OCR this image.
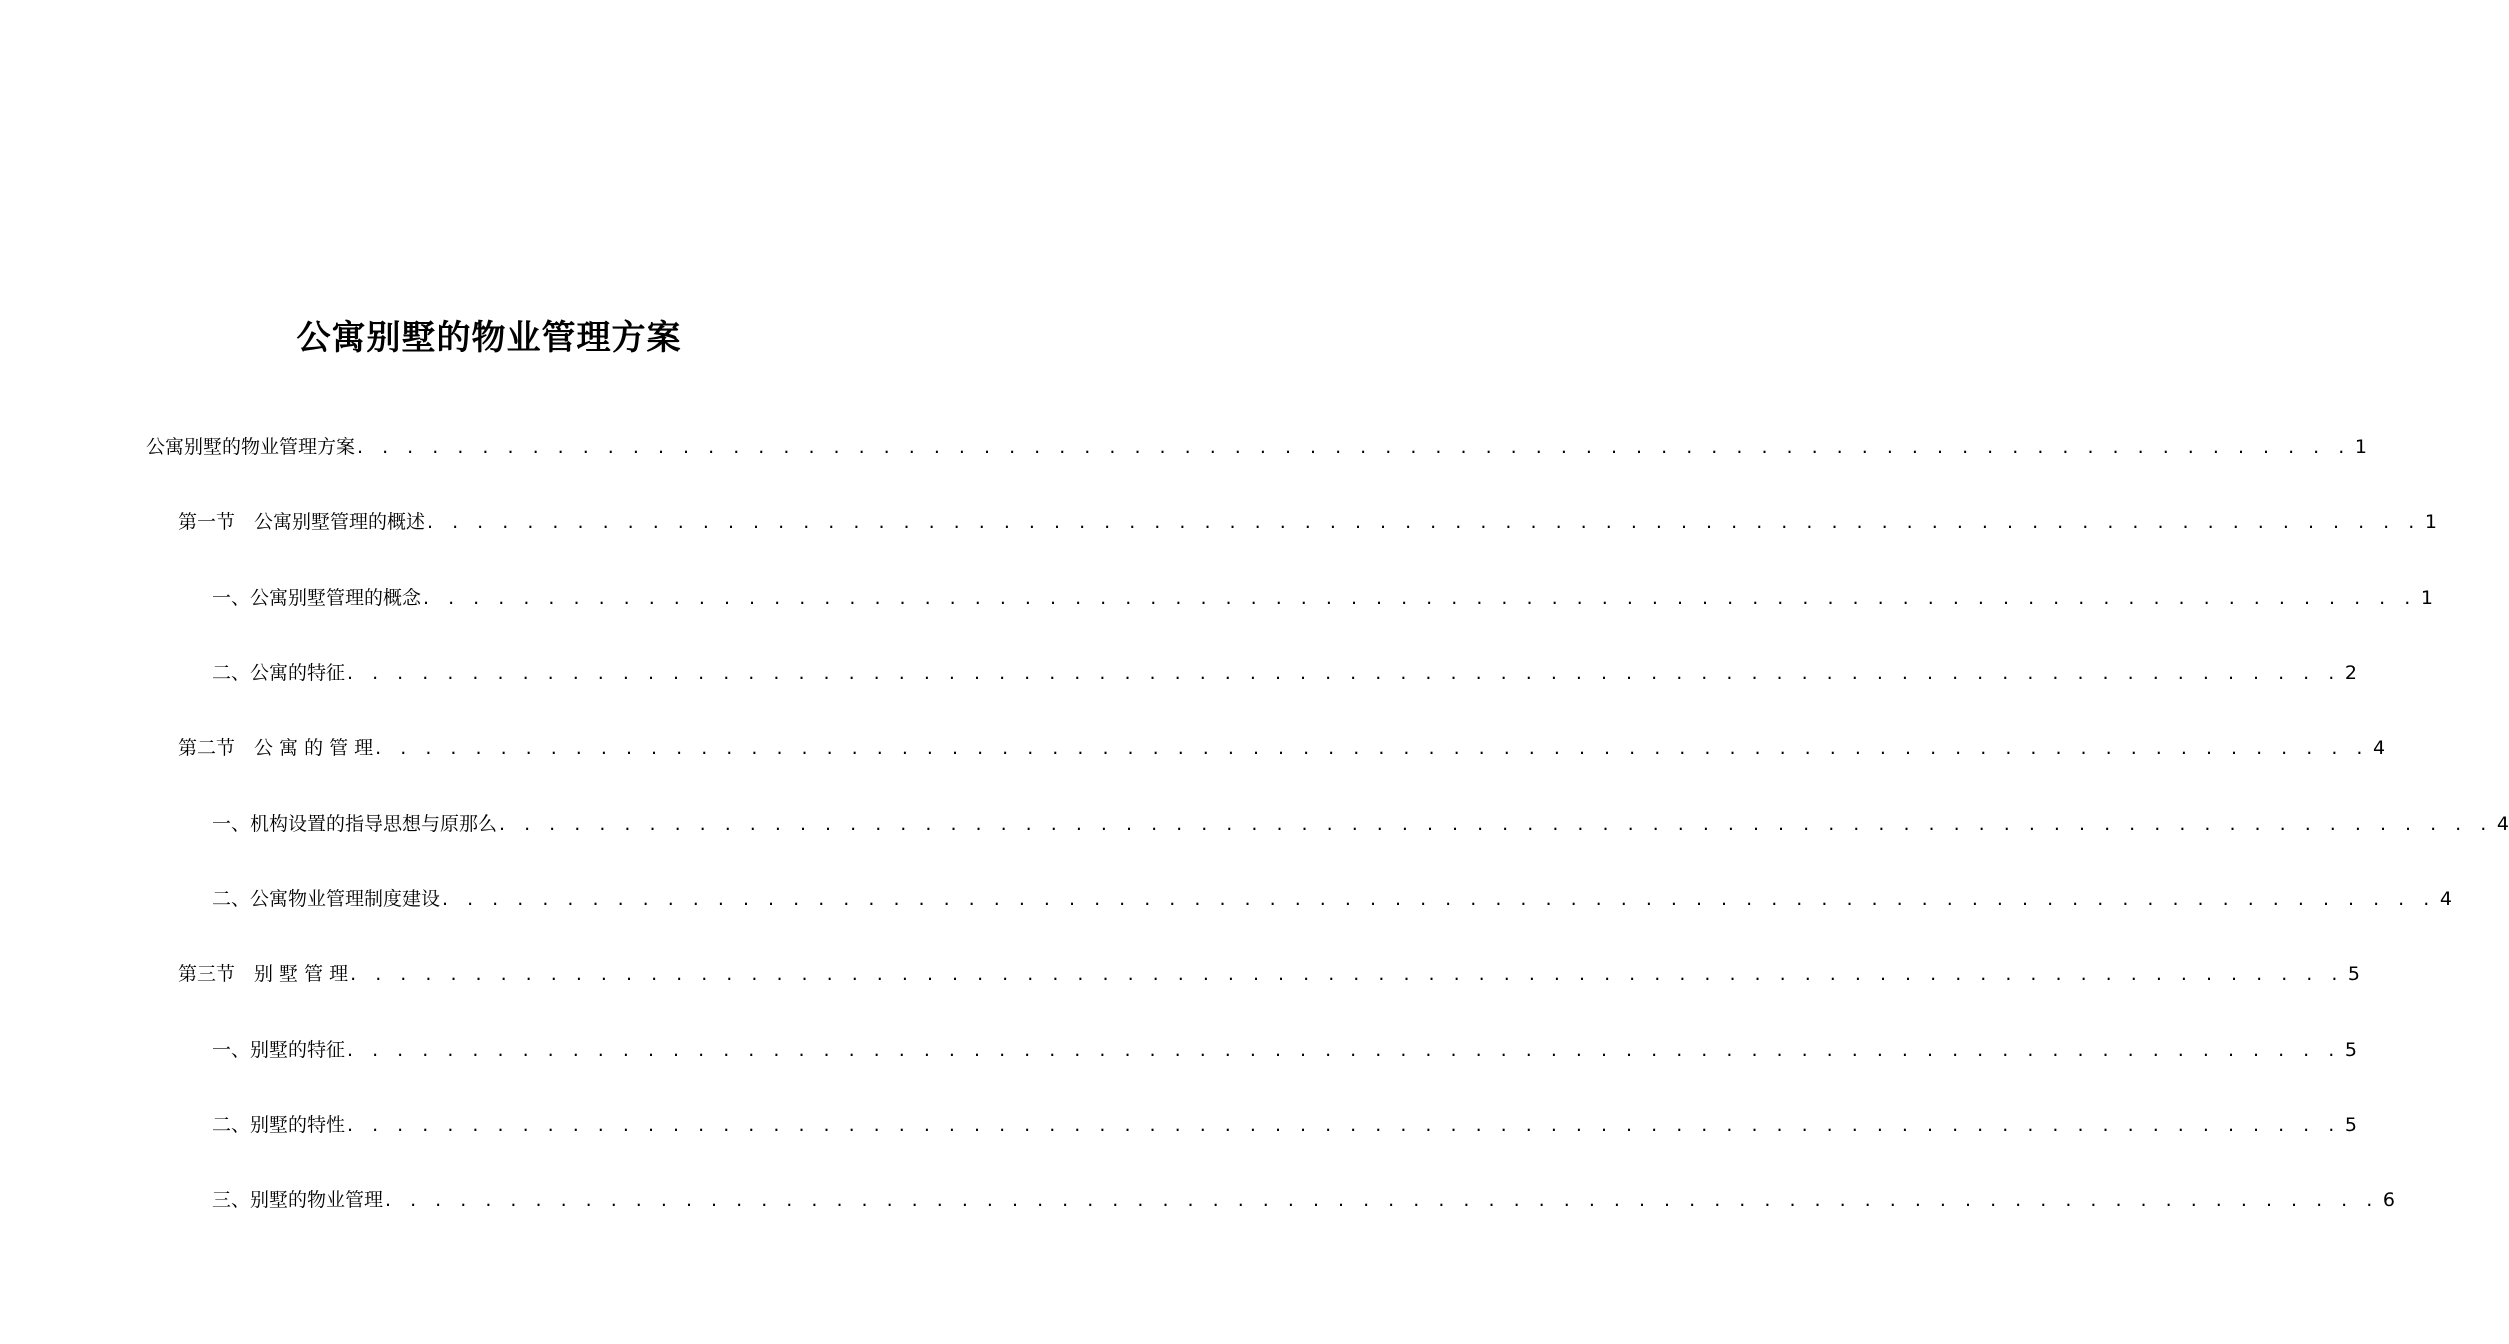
公寓别墅的物业管理方案
公寓别墅的物业管理方案 . . . . . . . . . . . . . . . . . . . . . . . . . . . . . . . . . . . . . . . . . . . . . . . . . . . . . . . . . . . . . . . . . . . . . . . . . . . . . . . . 1
第一节　公寓别墅管理的概述 . . . . . . . . . . . . . . . . . . . . . . . . . . . . . . . . . . . . . . . . . . . . . . . . . . . . . . . . . . . . . . . . . . . . . . . . . . . . . . . . 1
一、公寓别墅管理的概念 . . . . . . . . . . . . . . . . . . . . . . . . . . . . . . . . . . . . . . . . . . . . . . . . . . . . . . . . . . . . . . . . . . . . . . . . . . . . . . . . 1
二、公寓的特征 . . . . . . . . . . . . . . . . . . . . . . . . . . . . . . . . . . . . . . . . . . . . . . . . . . . . . . . . . . . . . . . . . . . . . . . . . . . . . . . . 2
第二节　公 寓 的 管 理 . . . . . . . . . . . . . . . . . . . . . . . . . . . . . . . . . . . . . . . . . . . . . . . . . . . . . . . . . . . . . . . . . . . . . . . . . . . . . . . . 4
一、机构设置的指导思想与原那么 . . . . . . . . . . . . . . . . . . . . . . . . . . . . . . . . . . . . . . . . . . . . . . . . . . . . . . . . . . . . . . . . . . . . . . . . . . . . . . . . 4
二、公寓物业管理制度建设 . . . . . . . . . . . . . . . . . . . . . . . . . . . . . . . . . . . . . . . . . . . . . . . . . . . . . . . . . . . . . . . . . . . . . . . . . . . . . . . . 4
第三节　别 墅 管 理 . . . . . . . . . . . . . . . . . . . . . . . . . . . . . . . . . . . . . . . . . . . . . . . . . . . . . . . . . . . . . . . . . . . . . . . . . . . . . . . . 5
一、别墅的特征 . . . . . . . . . . . . . . . . . . . . . . . . . . . . . . . . . . . . . . . . . . . . . . . . . . . . . . . . . . . . . . . . . . . . . . . . . . . . . . . . 5
二、别墅的特性 . . . . . . . . . . . . . . . . . . . . . . . . . . . . . . . . . . . . . . . . . . . . . . . . . . . . . . . . . . . . . . . . . . . . . . . . . . . . . . . . 5
三、别墅的物业管理 . . . . . . . . . . . . . . . . . . . . . . . . . . . . . . . . . . . . . . . . . . . . . . . . . . . . . . . . . . . . . . . . . . . . . . . . . . . . . . . . 6
